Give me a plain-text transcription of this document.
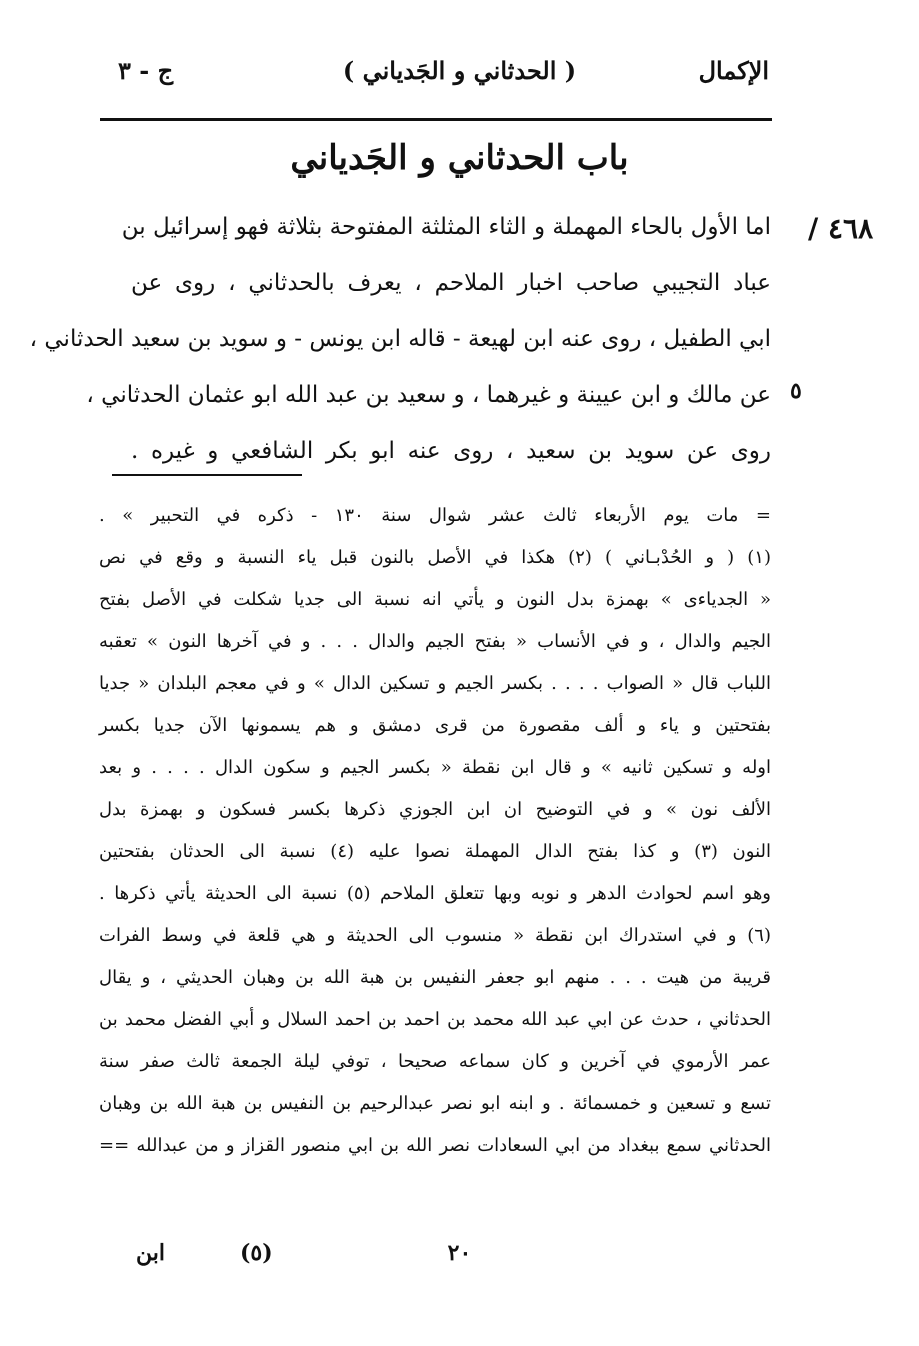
الإكمال
( الحدثاني و الجَدياني )
ج - ٣
باب الحدثاني و الجَدياني
/ ٤٦٨
اما الأول بالحاء المهملة و الثاء المثلثة المفتوحة بثلاثة فهو إسرائيل بن
عباد التجيبي صاحب اخبار الملاحم ، يعرف بالحدثاني ، روى عن
ابي الطفيل ، روى عنه ابن لهيعة - قاله ابن يونس - و سويد بن سعيد الحدثاني ،
عن مالك و ابن عيينة و غيرهما ، و سعيد بن عبد الله ابو عثمان الحدثاني ،
روى عن سويد بن سعيد ، روى عنه ابو بكر الشافعي و غيره .
٥
= مات يوم الأربعاء ثالث عشر شوال سنة ١٣٠ - ذكره في التحبير » .
(١) ( و الحُدْبـاني ) (٢) هكذا في الأصل بالنون قبل ياء النسبة و وقع في نص
« الجدياءى » بهمزة بدل النون و يأتي انه نسبة الى جديا شكلت في الأصل بفتح
الجيم والدال ، و في الأنساب « بفتح الجيم والدال . . . و في آخرها النون » تعقبه
اللباب قال « الصواب . . . . بكسر الجيم و تسكين الدال » و في معجم البلدان « جديا
بفتحتين و ياء و ألف مقصورة من قرى دمشق و هم يسمونها الآن جديا بكسر
اوله و تسكين ثانيه » و قال ابن نقطة « بكسر الجيم و سكون الدال . . . . و بعد
الألف نون » و في التوضيح ان ابن الجوزي ذكرها بكسر فسكون و بهمزة بدل
النون (٣) و كذا بفتح الدال المهملة نصوا عليه (٤) نسبة الى الحدثان بفتحتين
وهو اسم لحوادث الدهر و نوبه وبها تتعلق الملاحم (٥) نسبة الى الحديثة يأتي ذكرها .
(٦) و في استدراك ابن نقطة « منسوب الى الحديثة و هي قلعة في وسط الفرات
قريبة من هيت . . . منهم ابو جعفر النفيس بن هبة الله بن وهبان الحديثي ، و يقال
الحدثاني ، حدث عن ابي عبد الله محمد بن احمد بن احمد السلال و أبي الفضل محمد بن
عمر الأرموي في آخرين و كان سماعه صحيحا ، توفي ليلة الجمعة ثالث صفر سنة
تسع و تسعين و خمسمائة . و ابنه ابو نصر عبدالرحيم بن النفيس بن هبة الله بن وهبان
الحدثاني سمع ببغداد من ابي السعادات نصر الله بن ابي منصور القزاز و من عبدالله ==
٢٠
(٥)
ابن
